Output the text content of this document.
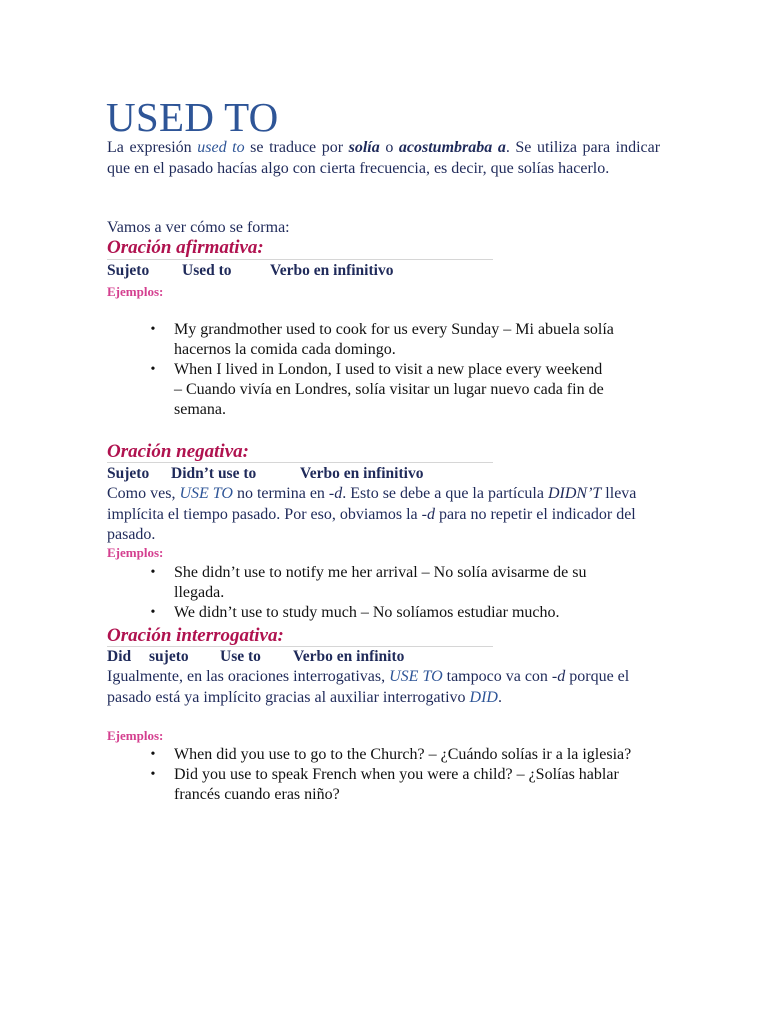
USED TO

La expresión used to se traduce por solía o acostumbraba a. Se utiliza para indicar que en el pasado hacías algo con cierta frecuencia, es decir, que solías hacerlo.

Vamos a ver cómo se forma:
Oración afirmativa:
Sujeto Used to Verbo en infinitivo
Ejemplos:
• My grandmother used to cook for us every Sunday – Mi abuela solía hacernos la comida cada domingo.
• When I lived in London, I used to visit a new place every weekend – Cuando vivía en Londres, solía visitar un lugar nuevo cada fin de semana.
Oración negativa:
Sujeto Didn’t use to	Verbo en infinitivo

Como ves, USE TO no termina en -d. Esto se debe a que la partícula DIDN’T lleva implícita el tiempo pasado. Por eso, obviamos la -d para no repetir el indicador del pasado.

Ejemplos:
• She didn’t use to notify me her arrival – No solía avisarme de su llegada.
• We didn’t use to study much – No solíamos estudiar mucho.
Oración interrogativa:
Did sujeto Use to Verbo en infinito

Igualmente, en las oraciones interrogativas, USE TO tampoco va con -d porque el pasado está ya implícito gracias al auxiliar interrogativo DID.

Ejemplos:
• When did you use to go to the Church? – ¿Cuándo solías ir a la iglesia?
• Did you use to speak French when you were a child? – ¿Solías hablar francés cuando eras niño?
